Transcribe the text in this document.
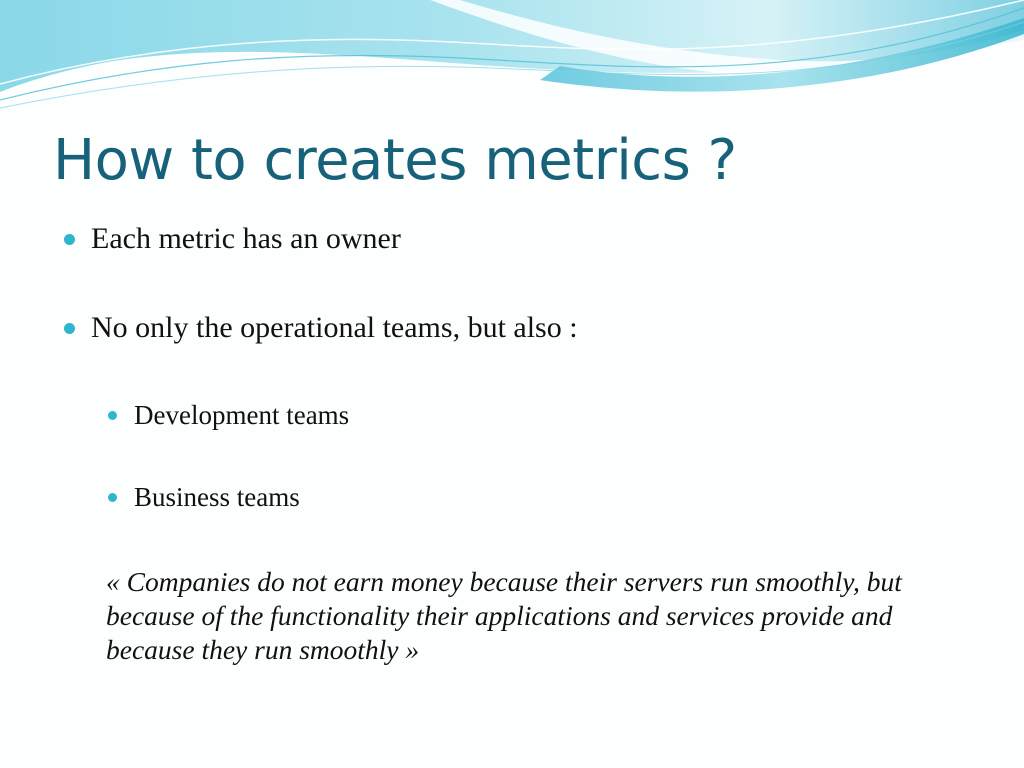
How to creates metrics ?
Each metric has an owner
No only the operational teams, but also :
Development teams
Business teams

« Companies do not earn money because their servers run smoothly, but because of the functionality their applications and services provide and because they run smoothly »
